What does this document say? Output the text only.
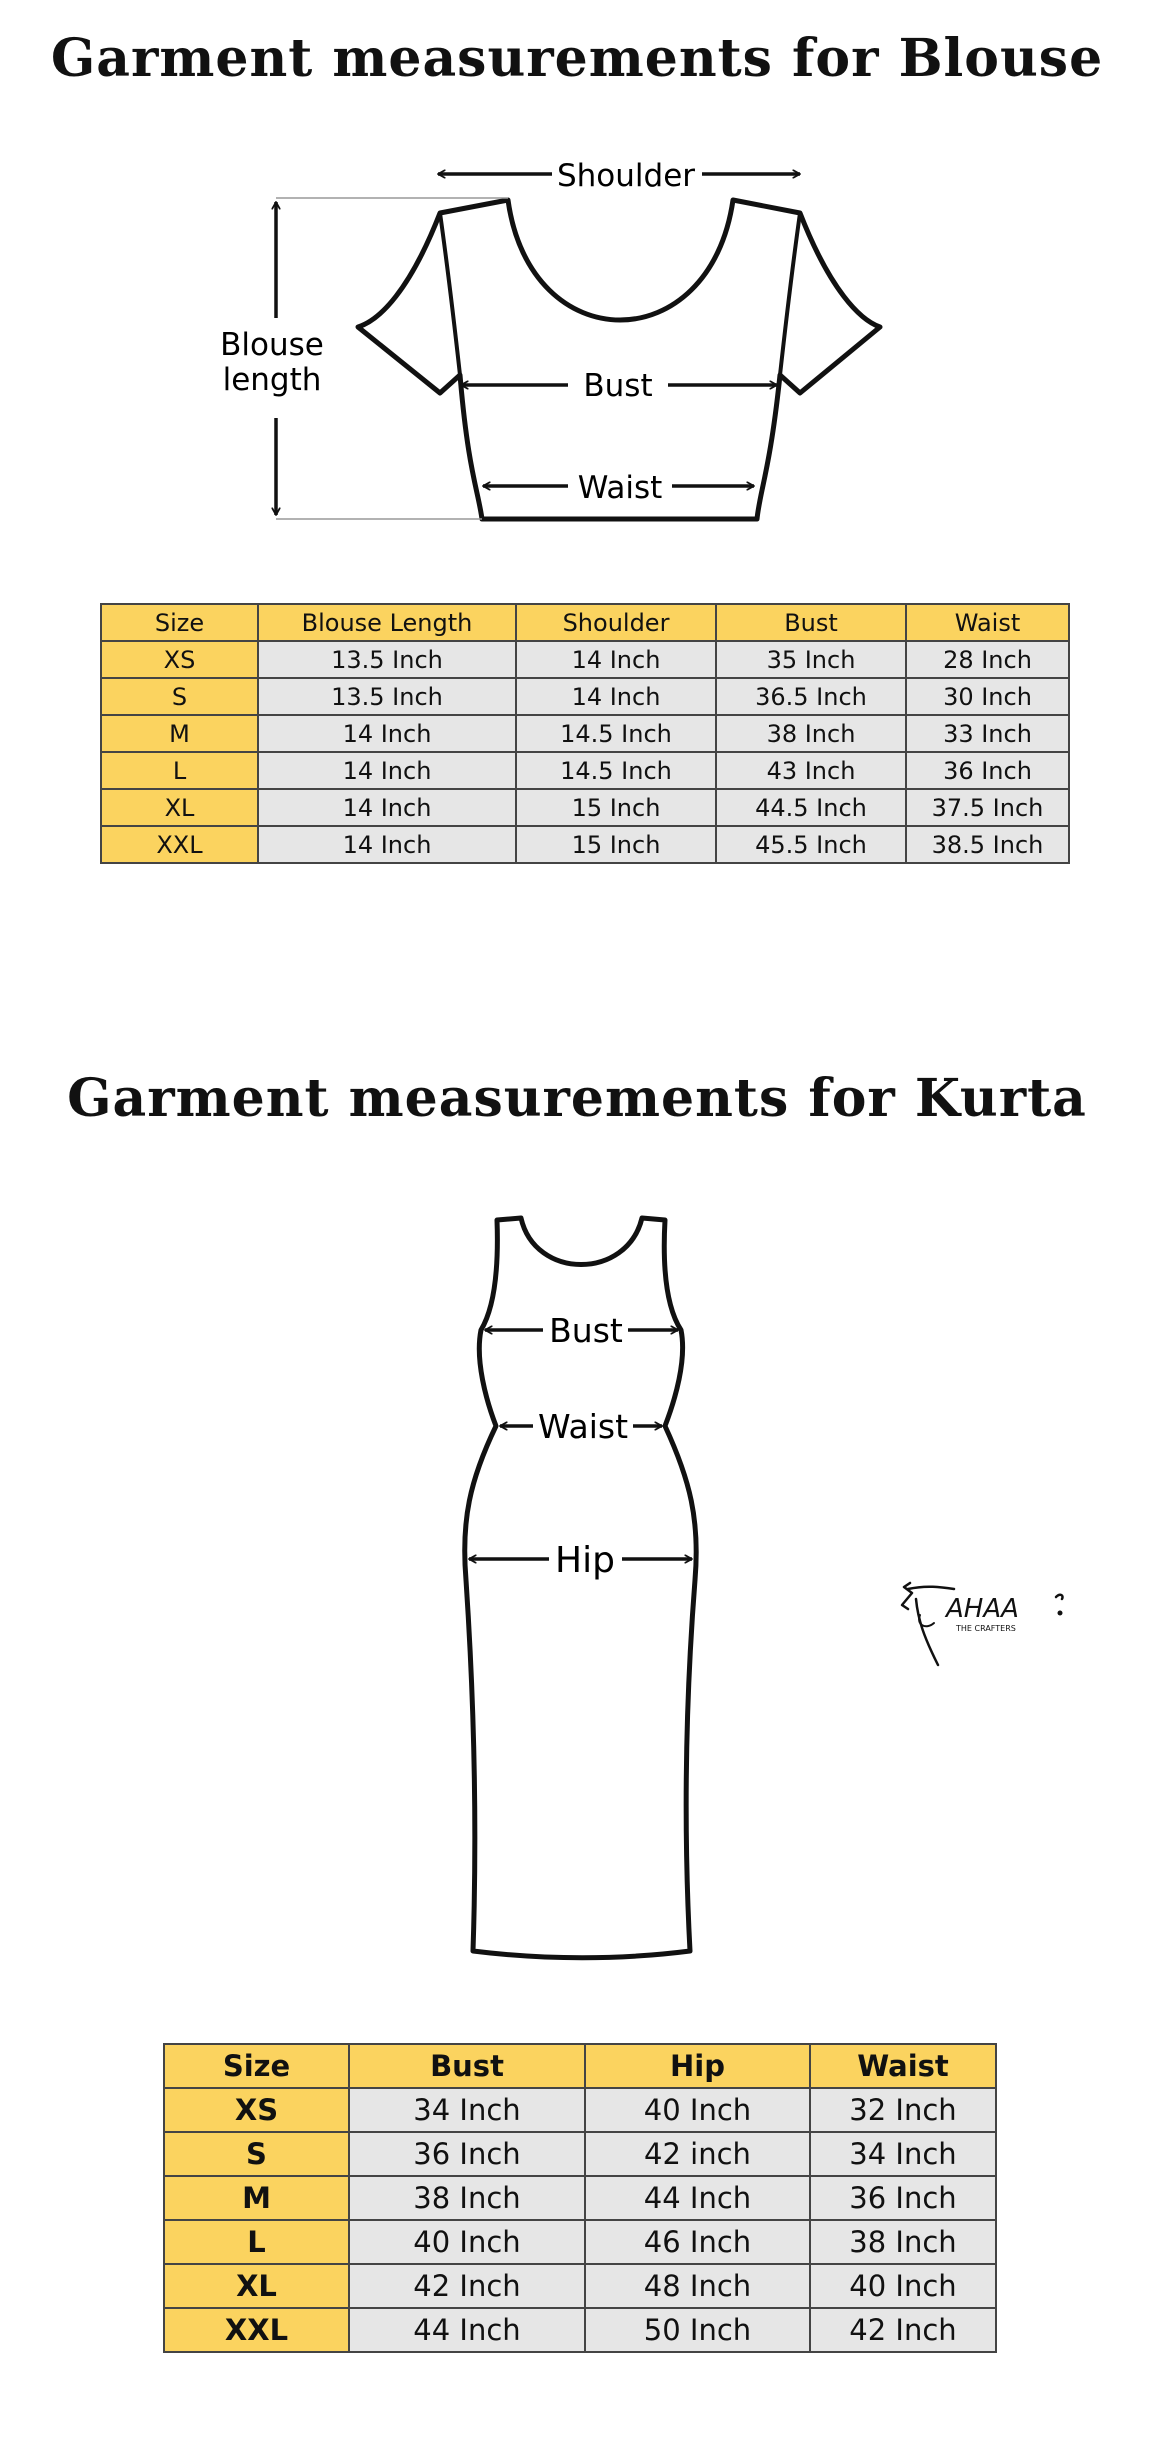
Garment measurements for Blouse
Shoulder
Bust
Waist
Blouse
length
Size	Blouse Length	Shoulder	Bust	Waist
XS	13.5 Inch	14 Inch	35 Inch	28 Inch
S	13.5 Inch	14 Inch	36.5 Inch	30 Inch
M	14 Inch	14.5 Inch	38 Inch	33 Inch
L	14 Inch	14.5 Inch	43 Inch	36 Inch
XL	14 Inch	15 Inch	44.5 Inch	37.5 Inch
XXL	14 Inch	15 Inch	45.5 Inch	38.5 Inch
Garment measurements for Kurta
Bust
Waist
Hip
AHAA
THE CRAFTERS
Size	Bust	Hip	Waist
XS	34 Inch	40 Inch	32 Inch
S	36 Inch	42 inch	34 Inch
M	38 Inch	44 Inch	36 Inch
L	40 Inch	46 Inch	38 Inch
XL	42 Inch	48 Inch	40 Inch
XXL	44 Inch	50 Inch	42 Inch
